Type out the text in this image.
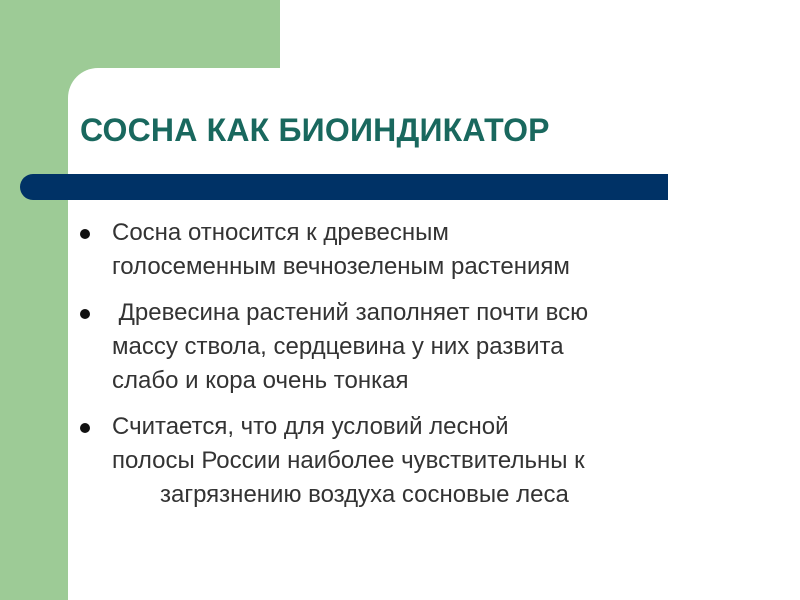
СОСНА КАК БИОИНДИКАТОР
Сосна относится к древесным
голосеменным вечнозеленым растениям
Древесина растений заполняет почти всю
массу ствола, сердцевина у них развита
слабо и кора очень тонкая
Считается, что для условий лесной
полосы России наиболее чувствительны к
загрязнению воздуха сосновые леса
